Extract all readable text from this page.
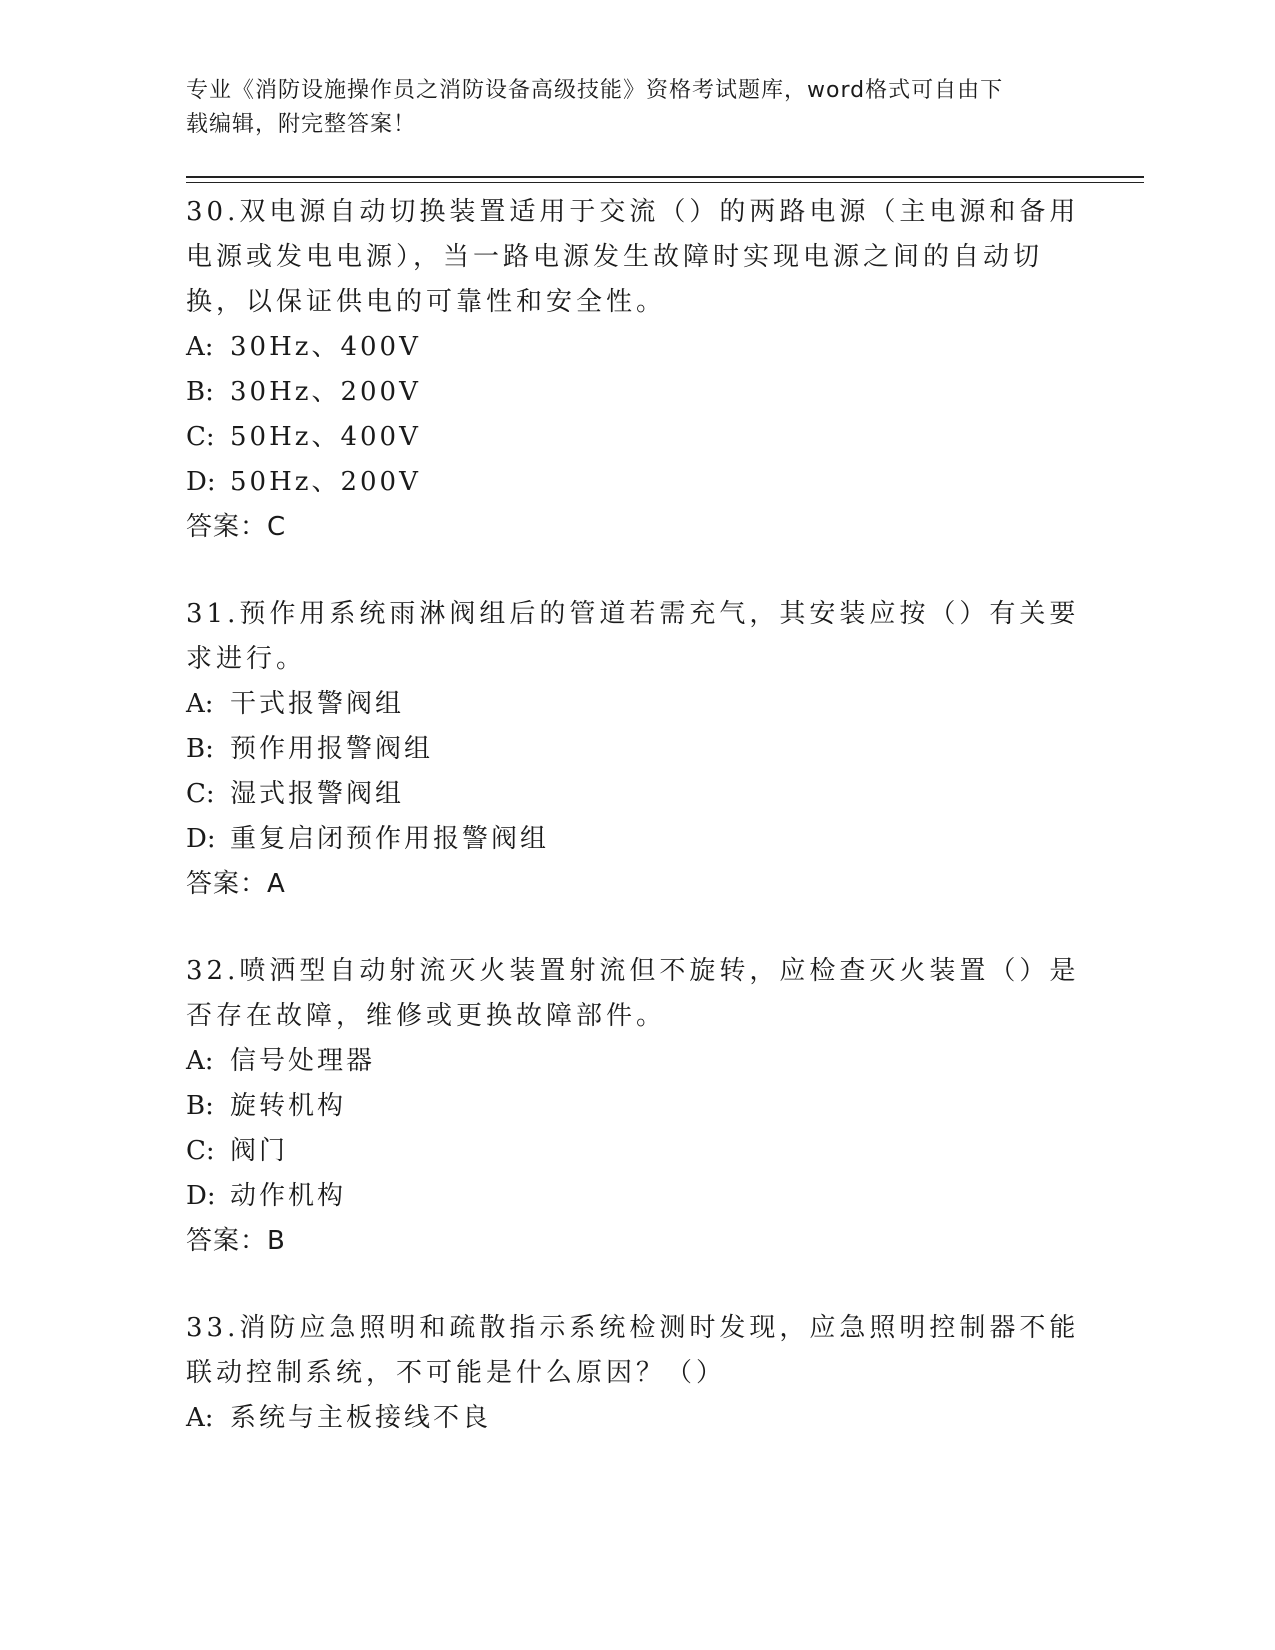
专业《消防设施操作员之消防设备高级技能》资格考试题库，word格式可自由下
载编辑，附完整答案！

30.双电源自动切换装置适用于交流（）的两路电源（主电源和备用电源或发电电源），当一路电源发生故障时实现电源之间的自动切换，以保证供电的可靠性和安全性。

A: 30Hz、400V
B: 30Hz、200V
C: 50Hz、400V
D: 50Hz、200V
答案：C

31.预作用系统雨淋阀组后的管道若需充气，其安装应按（）有关要求进行。

A: 干式报警阀组
B: 预作用报警阀组
C: 湿式报警阀组
D: 重复启闭预作用报警阀组
答案：A

32.喷洒型自动射流灭火装置射流但不旋转，应检查灭火装置（）是否存在故障，维修或更换故障部件。

A: 信号处理器
B: 旋转机构
C: 阀门
D: 动作机构
答案：B

33.消防应急照明和疏散指示系统检测时发现，应急照明控制器不能联动控制系统，不可能是什么原因？（）

A: 系统与主板接线不良
